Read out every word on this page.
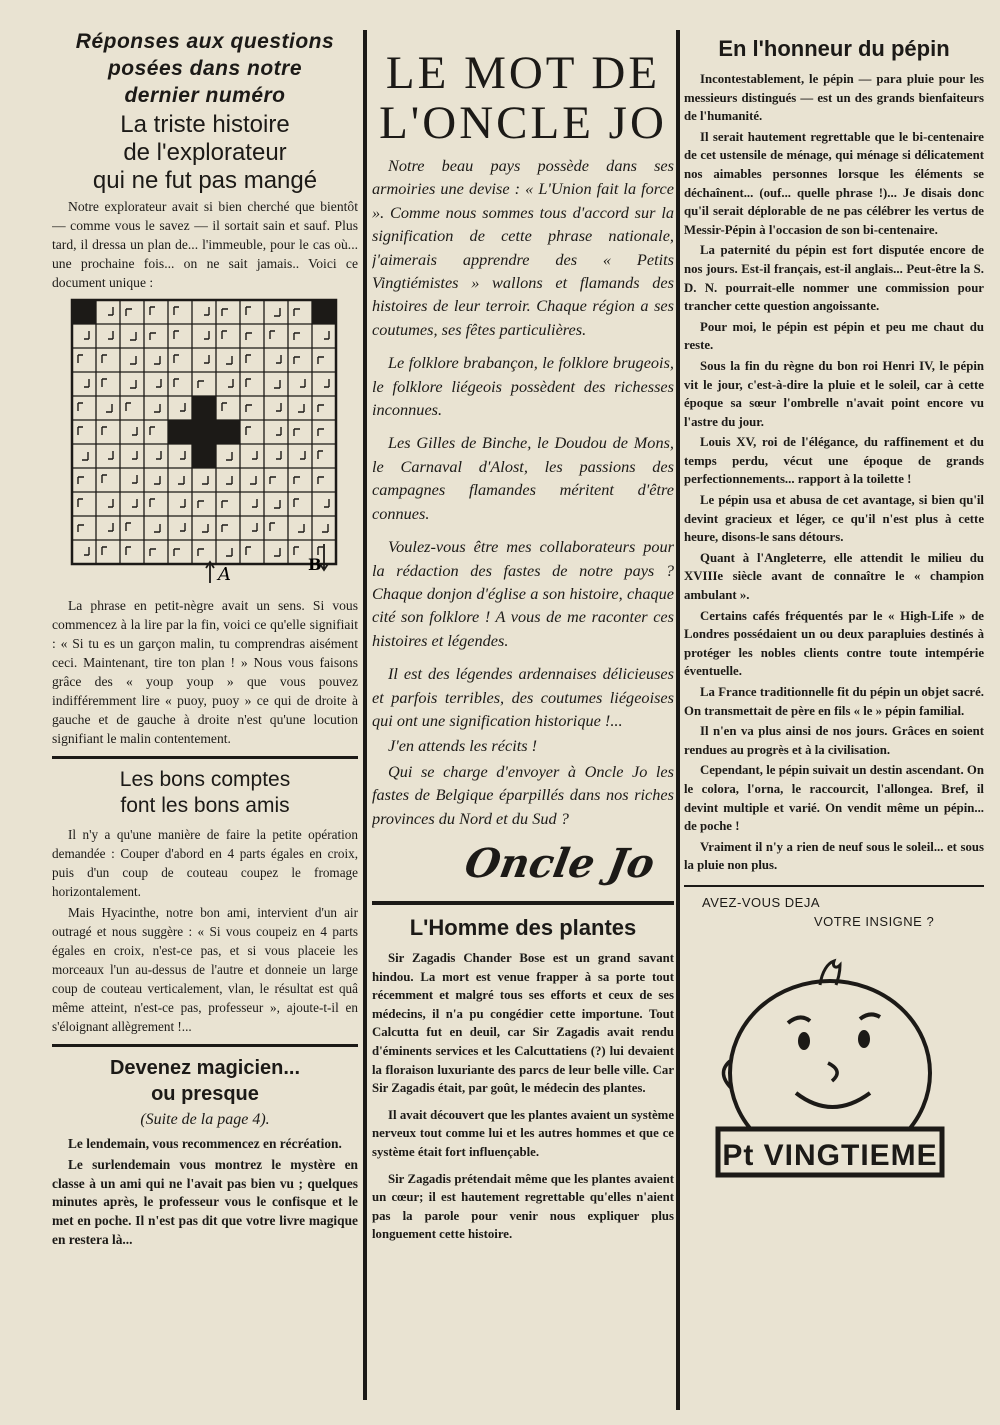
Réponses aux questions

posées dans notre

dernier numéro

La triste histoire

de l'explorateur

qui ne fut pas mangé

Notre explorateur avait si bien cherché que bientôt — comme vous le savez — il sortait sain et sauf. Plus tard, il dressa un plan de... l'immeuble, pour le cas où... une prochaine fois... on ne sait jamais.. Voici ce document unique :

A	B

La phrase en petit-nègre avait un sens. Si vous commencez à la lire par la fin, voici ce qu'elle signifiait : « Si tu es un garçon malin, tu comprendras aisément ceci. Maintenant, tire ton plan ! » Nous vous faisons grâce des « youp youp » que vous pouvez indifféremment lire « puoy, puoy » ce qui de droite à gauche et de gauche à droite n'est qu'une locution signifiant le malin contentement.

Les bons comptes

font les bons amis

Il n'y a qu'une manière de faire la petite opération demandée : Couper d'abord en 4 parts égales en croix, puis d'un coup de couteau coupez le fromage horizontalement.

Mais Hyacinthe, notre bon ami, intervient d'un air outragé et nous suggère : « Si vous coupeiz en 4 parts égales en croix, n'est-ce pas, et si vous placeie les morceaux l'un au-dessus de l'autre et donneie un large coup de couteau verticalement, vlan, le résultat est quâ même atteint, n'est-ce pas, professeur », ajoute-t-il en s'éloignant allègrement !...

Devenez magicien...

ou presque

(Suite de la page 4).

Le lendemain, vous recommencez en récréation.

Le surlendemain vous montrez le mystère en classe à un ami qui ne l'avait pas bien vu ; quelques minutes après, le professeur vous le confisque et le met en poche. Il n'est pas dit que votre livre magique en restera là...

LE MOT DE

L'ONCLE JO

Notre beau pays possède dans ses armoiries une devise : « L'Union fait la force ». Comme nous sommes tous d'accord sur la signification de cette phrase nationale, j'aimerais apprendre des « Petits Vingtiémistes » wallons et flamands des histoires de leur terroir. Chaque région a ses coutumes, ses fêtes particulières.

Le folklore brabançon, le folklore brugeois, le folklore liégeois possèdent des richesses inconnues.

Les Gilles de Binche, le Doudou de Mons, le Carnaval d'Alost, les passions des campagnes flamandes méritent d'être connues.

Voulez-vous être mes collaborateurs pour la rédaction des fastes de notre pays ? Chaque donjon d'église a son histoire, chaque cité son folklore ! A vous de me raconter ces histoires et légendes.

Il est des légendes ardennaises délicieuses et parfois terribles, des coutumes liégeoises qui ont une signification historique !...

J'en attends les récits !

Qui se charge d'envoyer à Oncle Jo les fastes de Belgique éparpillés dans nos riches provinces du Nord et du Sud ?

Oncle Jo

L'Homme des plantes

Sir Zagadis Chander Bose est un grand savant hindou. La mort est venue frapper à sa porte tout récemment et malgré tous ses efforts et ceux de ses médecins, il n'a pu congédier cette importune. Tout Calcutta fut en deuil, car Sir Zagadis avait rendu d'éminents services et les Calcuttatiens (?) lui devaient la floraison luxuriante des parcs de leur belle ville. Car Sir Zagadis était, par goût, le médecin des plantes.

Il avait découvert que les plantes avaient un système nerveux tout comme lui et les autres hommes et que ce système était fort influençable.

Sir Zagadis prétendait même que les plantes avaient un cœur; il est hautement regrettable qu'elles n'aient pas la parole pour venir nous expliquer plus longuement cette histoire.

En l'honneur du pépin

Incontestablement, le pépin — para pluie pour les messieurs distingués — est un des grands bienfaiteurs de l'humanité.

Il serait hautement regrettable que le bi-centenaire de cet ustensile de ménage, qui ménage si délicatement nos aimables personnes lorsque les éléments se déchaînent... (ouf... quelle phrase !)... Je disais donc qu'il serait déplorable de ne pas célébrer les vertus de Messir-Pépin à l'occasion de son bi-centenaire.

La paternité du pépin est fort disputée encore de nos jours. Est-il français, est-il anglais... Peut-être la S. D. N. pourrait-elle nommer une commission pour trancher cette question angoissante.

Pour moi, le pépin est pépin et peu me chaut du reste.

Sous la fin du règne du bon roi Henri IV, le pépin vit le jour, c'est-à-dire la pluie et le soleil, car à cette époque sa sœur l'ombrelle n'avait point encore vu l'astre du jour.

Louis XV, roi de l'élégance, du raffinement et du temps perdu, vécut une époque de grands perfectionnements... rapport à la toilette !

Le pépin usa et abusa de cet avantage, si bien qu'il devint gracieux et léger, ce qu'il n'est plus à cette heure, disons-le sans détours.

Quant à l'Angleterre, elle attendit le milieu du XVIIIe siècle avant de connaître le « champion ambulant ».

Certains cafés fréquentés par le « High-Life » de Londres possédaient un ou deux parapluies destinés à protéger les nobles clients contre toute intempérie éventuelle.

La France traditionnelle fit du pépin un objet sacré. On transmettait de père en fils « le » pépin familial.

Il n'en va plus ainsi de nos jours. Grâces en soient rendues au progrès et à la civilisation.

Cependant, le pépin suivait un destin ascendant. On le colora, l'orna, le raccourcit, l'allongea. Bref, il devint multiple et varié. On vendit même un pépin... de poche !

Vraiment il n'y a rien de neuf sous le soleil... et sous la pluie non plus.

AVEZ-VOUS DEJA

VOTRE INSIGNE ?

Pt VINGTIEME
